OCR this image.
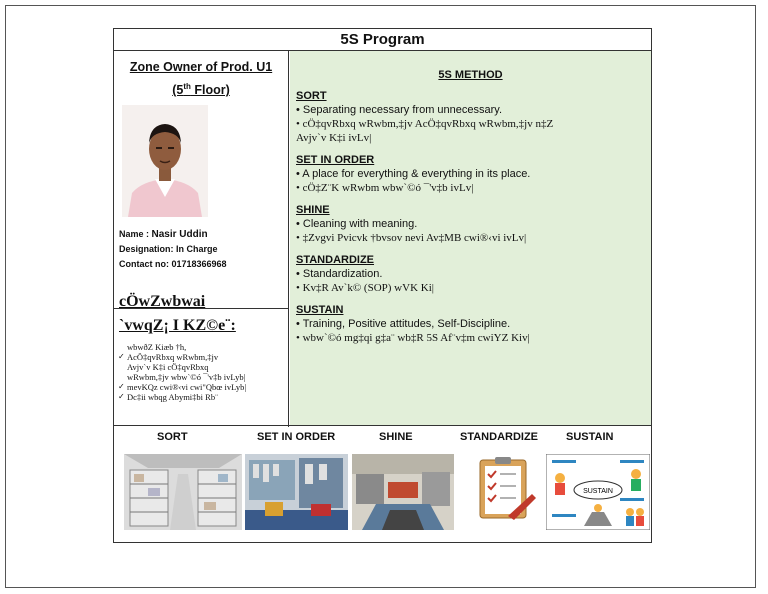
5S Program
Zone Owner of Prod. U1
(5th Floor)
Name : Nasir Uddin
Designation: In Charge
Contact no: 01718366968
cÖwZwbwai
`vwqZ¡ I KZ©e¨:
wbwðZ Kiæb †h,
✓ AcÖ‡qvRbxq wRwbm,‡jv
Avjv`v K‡i cÖ‡qvRbxq
wRwbm,‡jv wbw`©ó ¯'v‡b ivLyb|
✓ mevKQz cwi®‹vi cwi"Qbœ ivLyb|
✓ Dc‡ii wbqg Abymi‡bi Rb¨
5S METHOD
SORT
• Separating necessary from unnecessary.
• cÖ‡qvRbxq wRwbm,‡jv AcÖ‡qvRbxq wRwbm,‡jv n‡Z
Avjv`v K‡i ivLv|
SET IN ORDER
• A place for everything & everything in its place.
• cÖ‡Z¨K wRwbm wbw`©ó ¯'v‡b ivLv|
SHINE
• Cleaning with meaning.
• ‡Zvgvi Pvicvk †bvsov nevi Av‡MB cwi®‹vi ivLv|
STANDARDIZE
• Standardization.
• Kv‡R Av`k© (SOP) wVK Ki|
SUSTAIN
• Training, Positive attitudes, Self-Discipline.
• wbw`©ó mg‡qi g‡a¨ wb‡R 5S Af¨v‡m cwiYZ Kiv|
SORT	SET IN ORDER	SHINE	STANDARDIZE	SUSTAIN
SUSTAIN
